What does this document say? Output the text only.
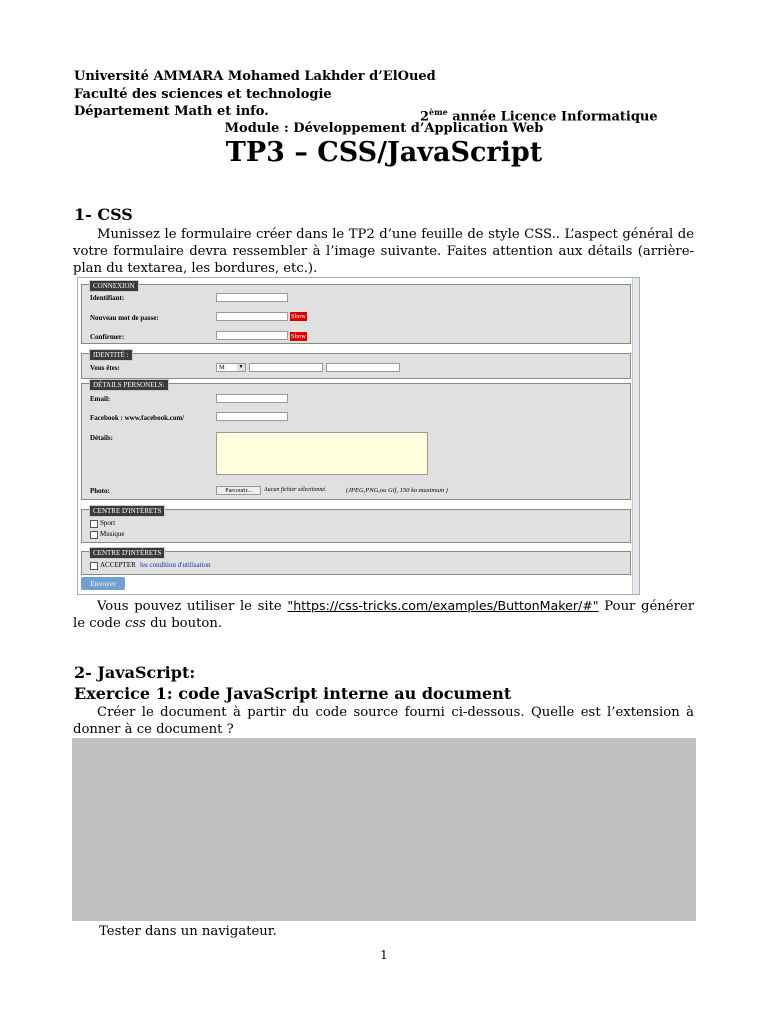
Université AMMARA Mohamed Lakhder d’ElOued
Faculté des sciences et technologie
Département Math et info.	2ème année Licence Informatique
Module : Développement d’Application Web
TP3 – CSS/JavaScript
1- CSS
Munissez le formulaire créer dans le TP2 d’une feuille de style CSS.. L’aspect général de votre formulaire devra ressembler à l’image suivante. Faites attention aux détails (arrière-plan du textarea, les bordures, etc.).
CONNEXION
Identifiant:
Nouveau mot de passe:	Show
Confirmer:	Show
IDENTITÉ :
Vous êtes:	M	▼
DÉTAILS PERSONELS:
Email:
Facebook : www.facebook.com/
Détails:
Photo:	Parcourir...	Aucun fichier sélectionné.	(JPEG,PNG,ou Gif, 150 ko maximum )
CENTRE D'INTÉRETS
Sport
Musique
CENTRE D'INTÉRETS
ACCEPTER les condition d'utilisation
Envoyer
Vous pouvez utiliser le site "https://css-tricks.com/examples/ButtonMaker/#" Pour générer le code css du bouton.
2- JavaScript:
Exercice 1: code JavaScript interne au document
Créer le document à partir du code source fourni ci-dessous. Quelle est l’extension à donner à ce document ?
Tester dans un navigateur.
1
